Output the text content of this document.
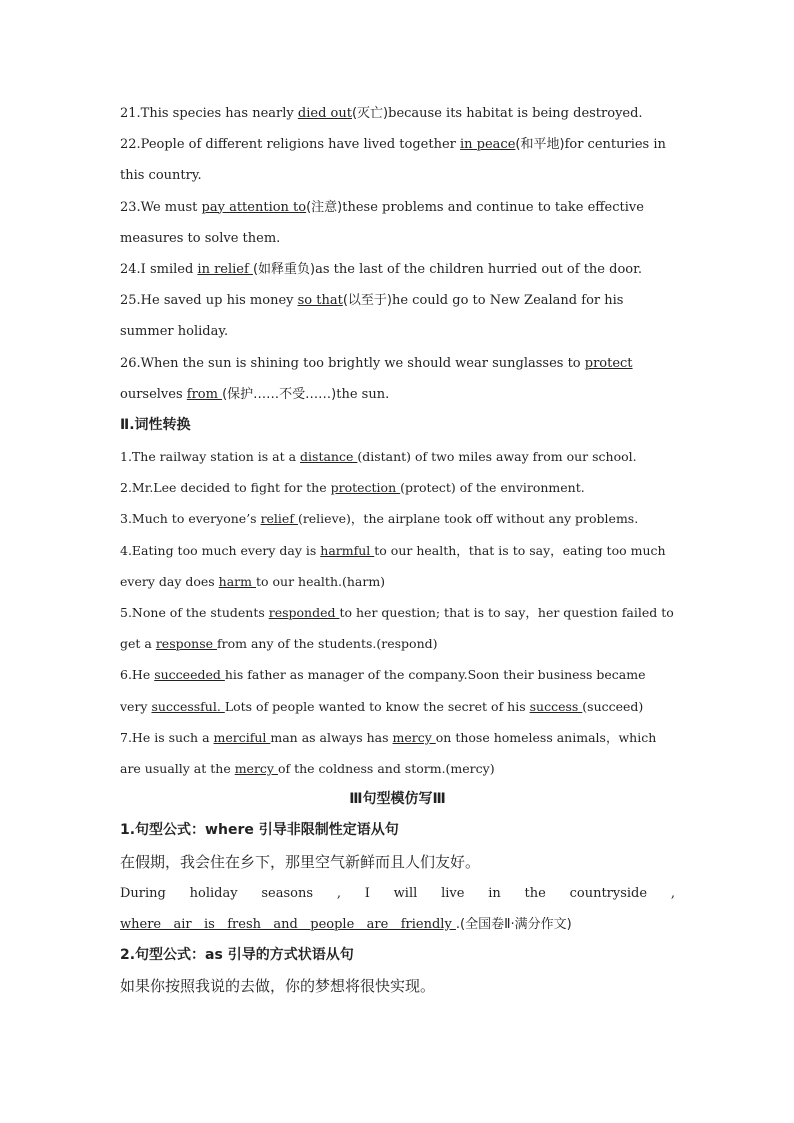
21.This species has nearly died out(灭亡)because its habitat is being destroyed.
22.People of different religions have lived together in peace(和平地)for centuries in
this country.
23.We must pay attention to(注意)these problems and continue to take effective
measures to solve them.
24.I smiled in relief (如释重负)as the last of the children hurried out of the door.
25.He saved up his money so that(以至于)he could go to New Zealand for his
summer holiday.
26.When the sun is shining too brightly we should wear sunglasses to protect
ourselves from (保护……不受……)the sun.
Ⅱ.词性转换
1.The railway station is at a distance (distant) of two miles away from our school.
2.Mr.Lee decided to fight for the protection (protect) of the environment.
3.Much to everyone’s relief (relieve)，the airplane took off without any problems.
4.Eating too much every day is harmful to our health，that is to say，eating too much
every day does harm to our health.(harm)
5.None of the students responded to her question; that is to say，her question failed to
get a response from any of the students.(respond)
6.He succeeded his father as manager of the company.Soon their business became
very successful. Lots of people wanted to know the secret of his success (succeed)
7.He is such a merciful man as always has mercy on those homeless animals，which
are usually at the mercy of the coldness and storm.(mercy)
Ⅲ句型模仿写Ⅲ
1.句型公式：where 引导非限制性定语从句
在假期，我会住在乡下，那里空气新鲜而且人们友好。
During holiday seasons , I will live in the countryside ,
where   air   is   fresh   and   people   are   friendly .(全国卷Ⅱ·满分作文)
2.句型公式：as 引导的方式状语从句
如果你按照我说的去做，你的梦想将很快实现。
